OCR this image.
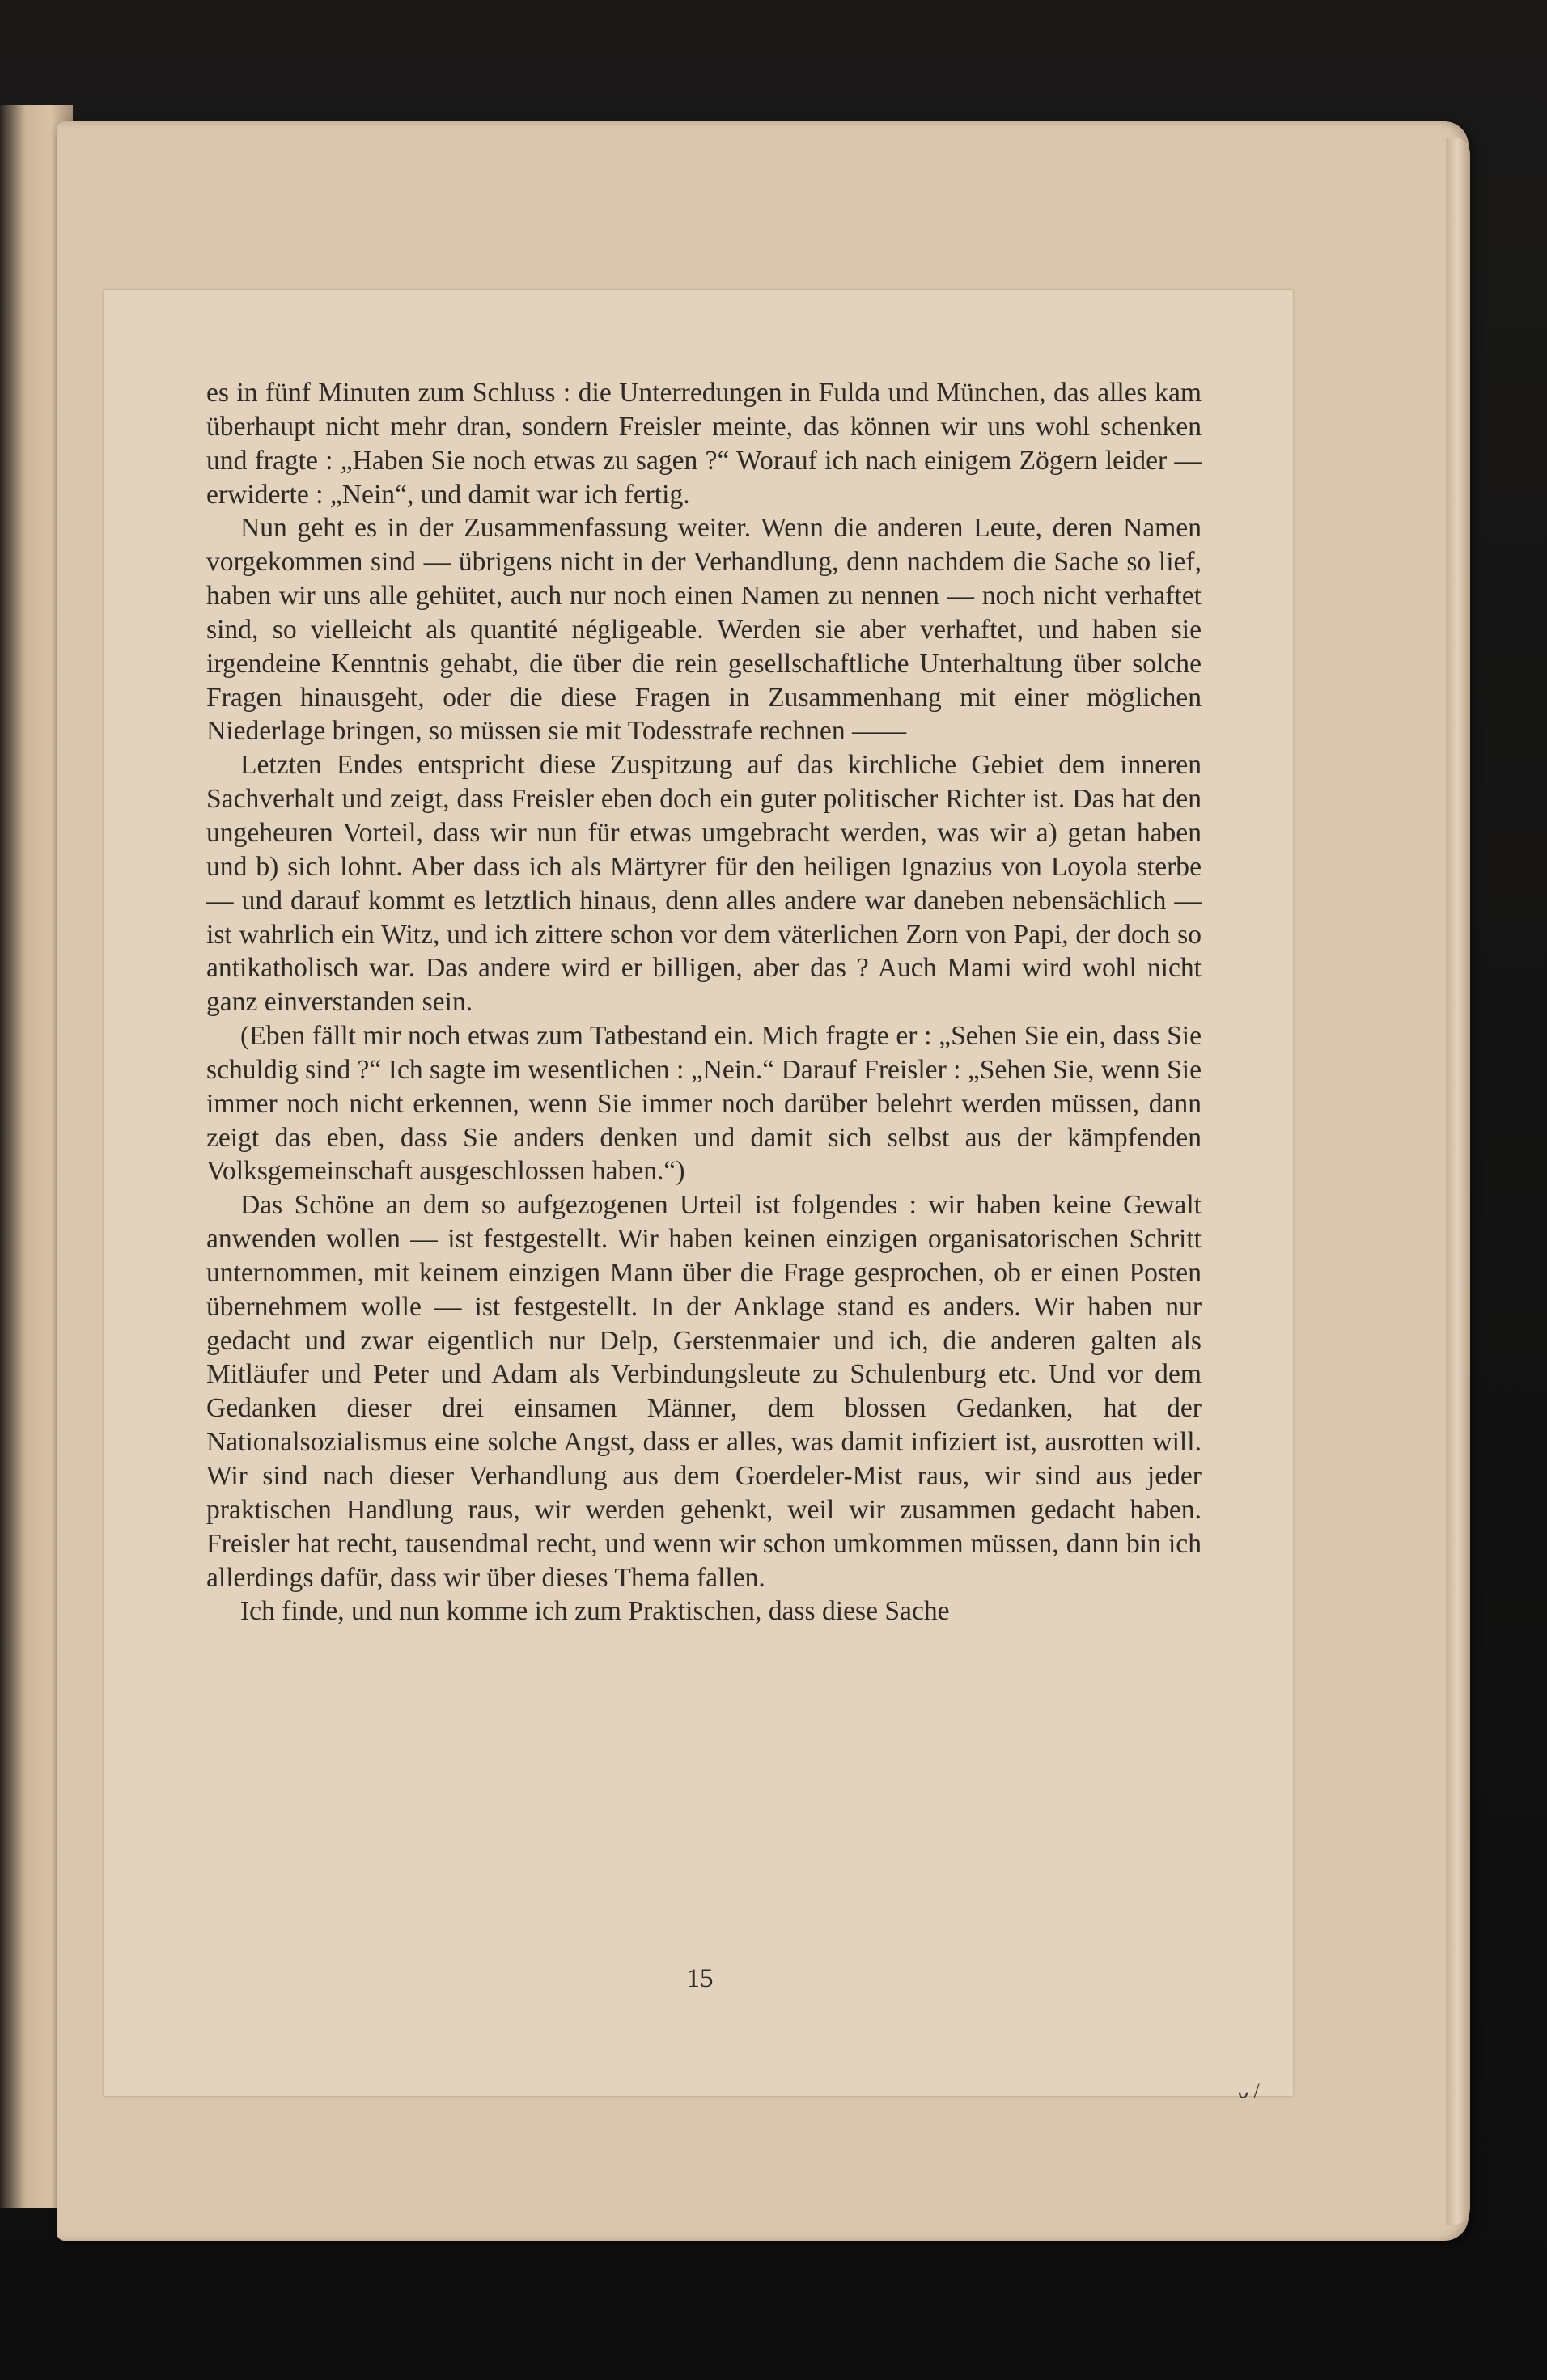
es in fünf Minuten zum Schluss : die Unterredungen in Fulda und München, das alles kam überhaupt nicht mehr dran, sondern Freisler meinte, das können wir uns wohl schenken und fragte : „Haben Sie noch etwas zu sagen ?“ Worauf ich nach einigem Zögern leider — erwiderte : „Nein“, und damit war ich fertig.

Nun geht es in der Zusammenfassung weiter. Wenn die anderen Leute, deren Namen vorgekommen sind — übrigens nicht in der Verhandlung, denn nachdem die Sache so lief, haben wir uns alle gehütet, auch nur noch einen Namen zu nennen — noch nicht verhaftet sind, so vielleicht als quantité négligeable. Werden sie aber verhaftet, und haben sie irgendeine Kenntnis gehabt, die über die rein gesellschaftliche Unterhaltung über solche Fragen hinausgeht, oder die diese Fragen in Zusammenhang mit einer möglichen Niederlage bringen, so müssen sie mit Todesstrafe rechnen ——

Letzten Endes entspricht diese Zuspitzung auf das kirchliche Gebiet dem inneren Sachverhalt und zeigt, dass Freisler eben doch ein guter politischer Richter ist. Das hat den ungeheuren Vorteil, dass wir nun für etwas umgebracht werden, was wir a) getan haben und b) sich lohnt. Aber dass ich als Märtyrer für den heiligen Ignazius von Loyola sterbe — und darauf kommt es letztlich hinaus, denn alles andere war daneben nebensächlich — ist wahrlich ein Witz, und ich zittere schon vor dem väterlichen Zorn von Papi, der doch so antikatholisch war. Das andere wird er billigen, aber das ? Auch Mami wird wohl nicht ganz einverstanden sein.

(Eben fällt mir noch etwas zum Tatbestand ein. Mich fragte er : „Sehen Sie ein, dass Sie schuldig sind ?“ Ich sagte im wesentlichen : „Nein.“ Darauf Freisler : „Sehen Sie, wenn Sie immer noch nicht erkennen, wenn Sie immer noch darüber belehrt werden müssen, dann zeigt das eben, dass Sie anders denken und damit sich selbst aus der kämpfenden Volksgemeinschaft ausgeschlossen haben.“)

Das Schöne an dem so aufgezogenen Urteil ist folgendes : wir haben keine Gewalt anwenden wollen — ist festgestellt. Wir haben keinen einzigen organisatorischen Schritt unternommen, mit keinem einzigen Mann über die Frage gesprochen, ob er einen Posten übernehmem wolle — ist festgestellt. In der Anklage stand es anders. Wir haben nur gedacht und zwar eigentlich nur Delp, Gerstenmaier und ich, die anderen galten als Mitläufer und Peter und Adam als Verbindungsleute zu Schulenburg etc. Und vor dem Gedanken dieser drei einsamen Männer, dem blossen Gedanken, hat der Nationalsozialismus eine solche Angst, dass er alles, was damit infiziert ist, ausrotten will. Wir sind nach dieser Verhandlung aus dem Goerdeler-Mist raus, wir sind aus jeder praktischen Handlung raus, wir werden gehenkt, weil wir zusammen gedacht haben. Freisler hat recht, tausendmal recht, und wenn wir schon umkommen müssen, dann bin ich allerdings dafür, dass wir über dieses Thema fallen.

Ich finde, und nun komme ich zum Praktischen, dass diese Sache

15
ᴗ /
